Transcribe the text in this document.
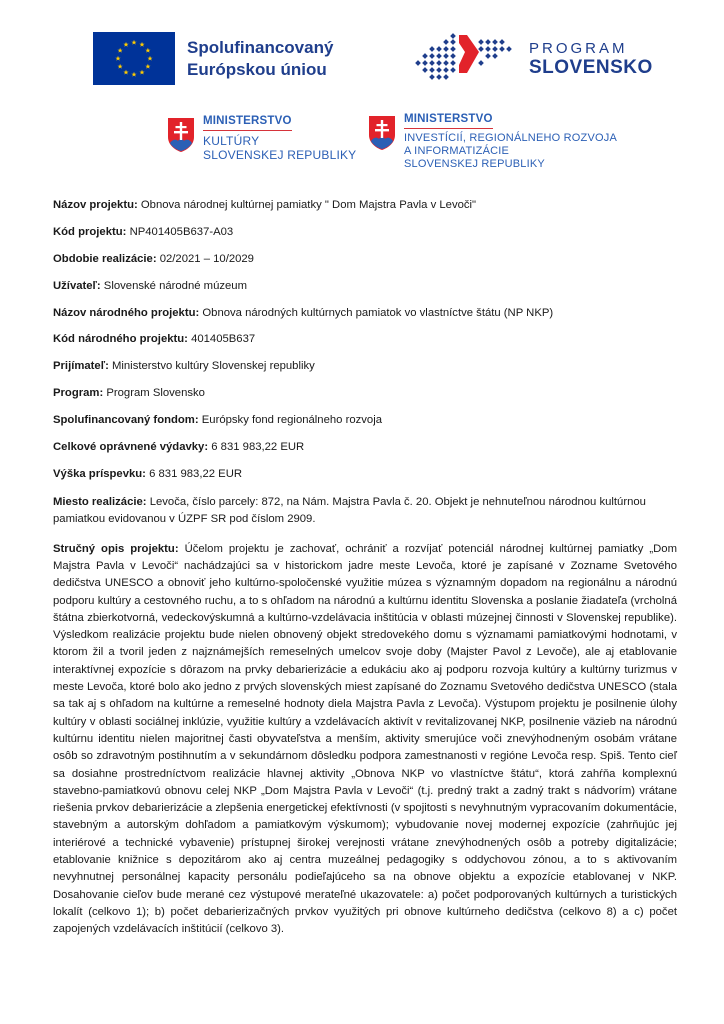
Spolufinancovaný
Európskou úniou
PROGRAM
SLOVENSKO
MINISTERSTVO
KULTÚRY
SLOVENSKEJ REPUBLIKY
MINISTERSTVO
INVESTÍCIÍ, REGIONÁLNEHO ROZVOJA
A INFORMATIZÁCIE
SLOVENSKEJ REPUBLIKY

Názov projektu: Obnova národnej kultúrnej pamiatky " Dom Majstra Pavla v Levoči"

Kód projektu: NP401405B637-A03

Obdobie realizácie: 02/2021 – 10/2029

Užívateľ: Slovenské národné múzeum

Názov národného projektu: Obnova národných kultúrnych pamiatok vo vlastníctve štátu (NP NKP)

Kód národného projektu: 401405B637

Prijímateľ: Ministerstvo kultúry Slovenskej republiky

Program: Program Slovensko

Spolufinancovaný fondom: Európsky fond regionálneho rozvoja

Celkové oprávnené výdavky: 6 831 983,22 EUR

Výška príspevku: 6 831 983,22 EUR

Miesto realizácie: Levoča, číslo parcely: 872, na Nám. Majstra Pavla č. 20. Objekt je nehnuteľnou národnou kultúrnou pamiatkou evidovanou v ÚZPF SR pod číslom 2909.

Stručný opis projektu: Účelom projektu je zachovať, ochrániť a rozvíjať potenciál národnej kultúrnej pamiatky „Dom Majstra Pavla v Levoči“ nachádzajúci sa v historickom jadre meste Levoča, ktoré je zapísané v Zozname Svetového dedičstva UNESCO a obnoviť jeho kultúrno-spoločenské využitie múzea s významným dopadom na regionálnu a národnú podporu kultúry a cestovného ruchu, a to s ohľadom na národnú a kultúrnu identitu Slovenska a poslanie žiadateľa (vrcholná štátna zbierkotvorná, vedeckovýskumná a kultúrno-vzdelávacia inštitúcia v oblasti múzejnej činnosti v Slovenskej republike). Výsledkom realizácie projektu bude nielen obnovený objekt stredovekého domu s významami pamiatkovými hodnotami, v ktorom žil a tvoril jeden z najznámejších remeselných umelcov svoje doby (Majster Pavol z Levoče), ale aj etablovanie interaktívnej expozície s dôrazom na prvky debarierizácie a edukáciu ako aj podporu rozvoja kultúry a kultúrny turizmus v meste Levoča, ktoré bolo ako jedno z prvých slovenských miest zapísané do Zoznamu Svetového dedičstva UNESCO (stala sa tak aj s ohľadom na kultúrne a remeselné hodnoty diela Majstra Pavla z Levoča). Výstupom projektu je posilnenie úlohy kultúry v oblasti sociálnej inklúzie, využitie kultúry a vzdelávacích aktivít v revitalizovanej NKP, posilnenie väzieb na národnú kultúrnu identitu nielen majoritnej časti obyvateľstva a menším, aktivity smerujúce voči znevýhodneným osobám vrátane osôb so zdravotným postihnutím a v sekundárnom dôsledku podpora zamestnanosti v regióne Levoča resp. Spiš. Tento cieľ sa dosiahne prostredníctvom realizácie hlavnej aktivity „Obnova NKP vo vlastníctve štátu“, ktorá zahŕňa komplexnú stavebno-pamiatkovú obnovu celej NKP „Dom Majstra Pavla v Levoči“ (t.j. predný trakt a zadný trakt s nádvorím) vrátane riešenia prvkov debarierizácie a zlepšenia energetickej efektívnosti (v spojitosti s nevyhnutným vypracovaním dokumentácie, stavebným a autorským dohľadom a pamiatkovým výskumom); vybudovanie novej modernej expozície (zahrňujúc jej interiérové a technické vybavenie) prístupnej širokej verejnosti vrátane znevýhodnených osôb a potreby digitalizácie; etablovanie knižnice s depozitárom ako aj centra muzeálnej pedagogiky s oddychovou zónou, a to s aktivovaním nevyhnutnej personálnej kapacity personálu podieľajúceho sa na obnove objektu a expozície etablovanej v NKP. Dosahovanie cieľov bude merané cez výstupové merateľné ukazovatele: a) počet podporovaných kultúrnych a turistických lokalít (celkovo 1); b) počet debarierizačných prvkov využitých pri obnove kultúrneho dedičstva (celkovo 8) a c) počet zapojených vzdelávacích inštitúcií (celkovo 3).
